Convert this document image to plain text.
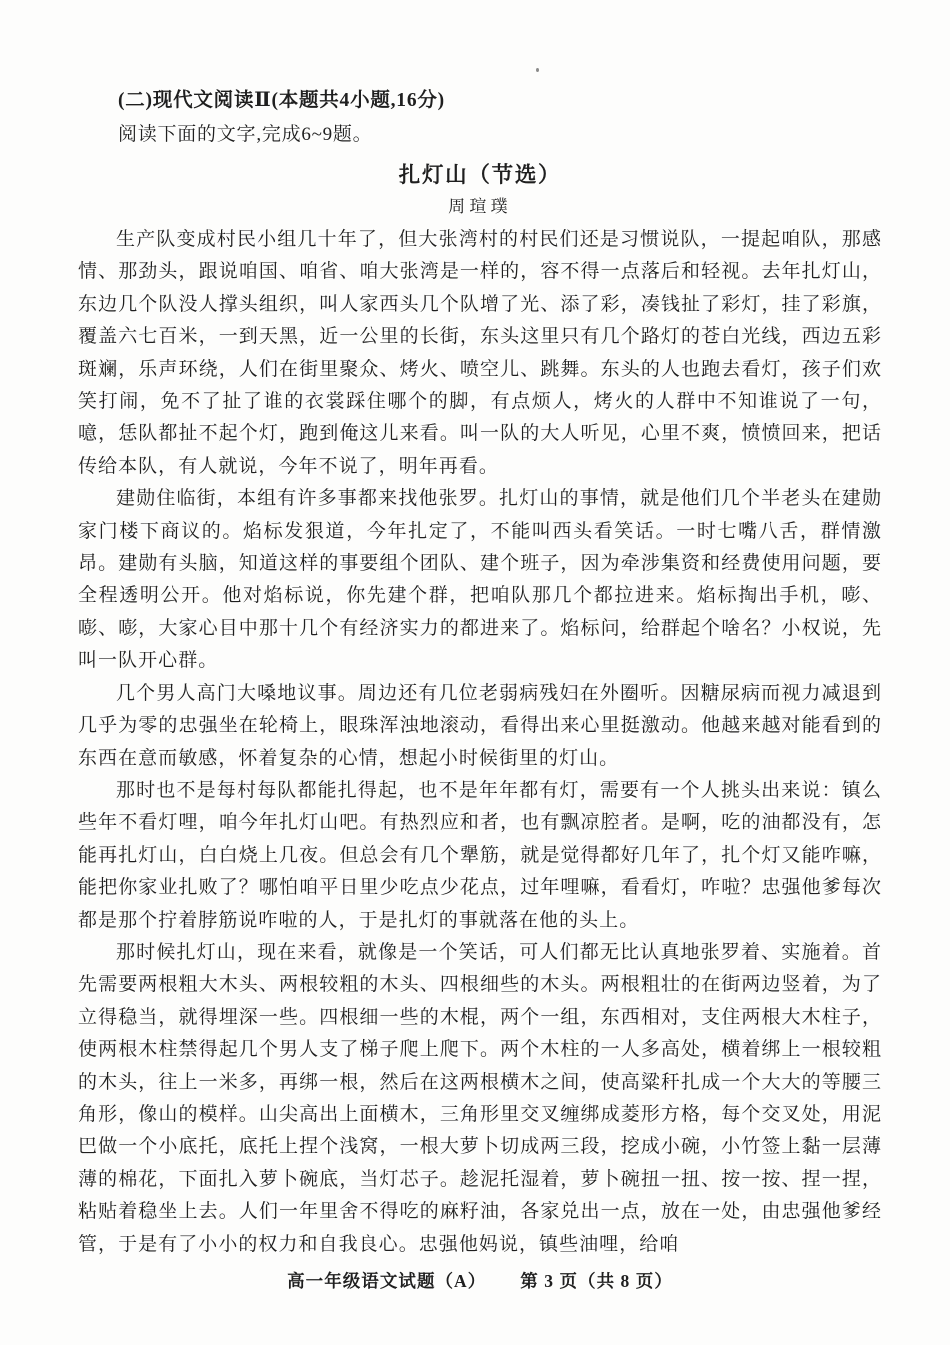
(二)现代文阅读Ⅱ(本题共4小题,16分)
阅读下面的文字,完成6~9题。
扎灯山（节选）
周瑄璞

生产队变成村民小组几十年了，但大张湾村的村民们还是习惯说队，一提起咱队，那感情、那劲头，跟说咱国、咱省、咱大张湾是一样的，容不得一点落后和轻视。去年扎灯山，东边几个队没人撑头组织，叫人家西头几个队增了光、添了彩，凑钱扯了彩灯，挂了彩旗，覆盖六七百米，一到天黑，近一公里的长街，东头这里只有几个路灯的苍白光线，西边五彩斑斓，乐声环绕，人们在街里聚众、烤火、喷空儿、跳舞。东头的人也跑去看灯，孩子们欢笑打闹，免不了扯了谁的衣裳踩住哪个的脚，有点烦人，烤火的人群中不知谁说了一句，噫，恁队都扯不起个灯，跑到俺这儿来看。叫一队的大人听见，心里不爽，愤愤回来，把话传给本队，有人就说，今年不说了，明年再看。

建勋住临街，本组有许多事都来找他张罗。扎灯山的事情，就是他们几个半老头在建勋家门楼下商议的。焰标发狠道，今年扎定了，不能叫西头看笑话。一时七嘴八舌，群情激昂。建勋有头脑，知道这样的事要组个团队、建个班子，因为牵涉集资和经费使用问题，要全程透明公开。他对焰标说，你先建个群，把咱队那几个都拉进来。焰标掏出手机，嘭、嘭、嘭，大家心目中那十几个有经济实力的都进来了。焰标问，给群起个啥名？小权说，先叫一队开心群。

几个男人高门大嗓地议事。周边还有几位老弱病残妇在外圈听。因糖尿病而视力减退到几乎为零的忠强坐在轮椅上，眼珠浑浊地滚动，看得出来心里挺激动。他越来越对能看到的东西在意而敏感，怀着复杂的心情，想起小时候街里的灯山。

那时也不是每村每队都能扎得起，也不是年年都有灯，需要有一个人挑头出来说：镇么些年不看灯哩，咱今年扎灯山吧。有热烈应和者，也有飘凉腔者。是啊，吃的油都没有，怎能再扎灯山，白白烧上几夜。但总会有几个犟筋，就是觉得都好几年了，扎个灯又能咋嘛，能把你家业扎败了？哪怕咱平日里少吃点少花点，过年哩嘛，看看灯，咋啦？忠强他爹每次都是那个拧着脖筋说咋啦的人，于是扎灯的事就落在他的头上。

那时候扎灯山，现在来看，就像是一个笑话，可人们都无比认真地张罗着、实施着。首先需要两根粗大木头、两根较粗的木头、四根细些的木头。两根粗壮的在街两边竖着，为了立得稳当，就得埋深一些。四根细一些的木棍，两个一组，东西相对，支住两根大木柱子，使两根木柱禁得起几个男人支了梯子爬上爬下。两个木柱的一人多高处，横着绑上一根较粗的木头，往上一米多，再绑一根，然后在这两根横木之间，使高粱秆扎成一个大大的等腰三角形，像山的模样。山尖高出上面横木，三角形里交叉缠绑成菱形方格，每个交叉处，用泥巴做一个小底托，底托上捏个浅窝，一根大萝卜切成两三段，挖成小碗，小竹签上黏一层薄薄的棉花，下面扎入萝卜碗底，当灯芯子。趁泥托湿着，萝卜碗扭一扭、按一按、捏一捏，粘贴着稳坐上去。人们一年里舍不得吃的麻籽油，各家兑出一点，放在一处，由忠强他爹经管，于是有了小小的权力和自我良心。忠强他妈说，镇些油哩，给咱

高一年级语文试题（A） 第 3 页（共 8 页）
